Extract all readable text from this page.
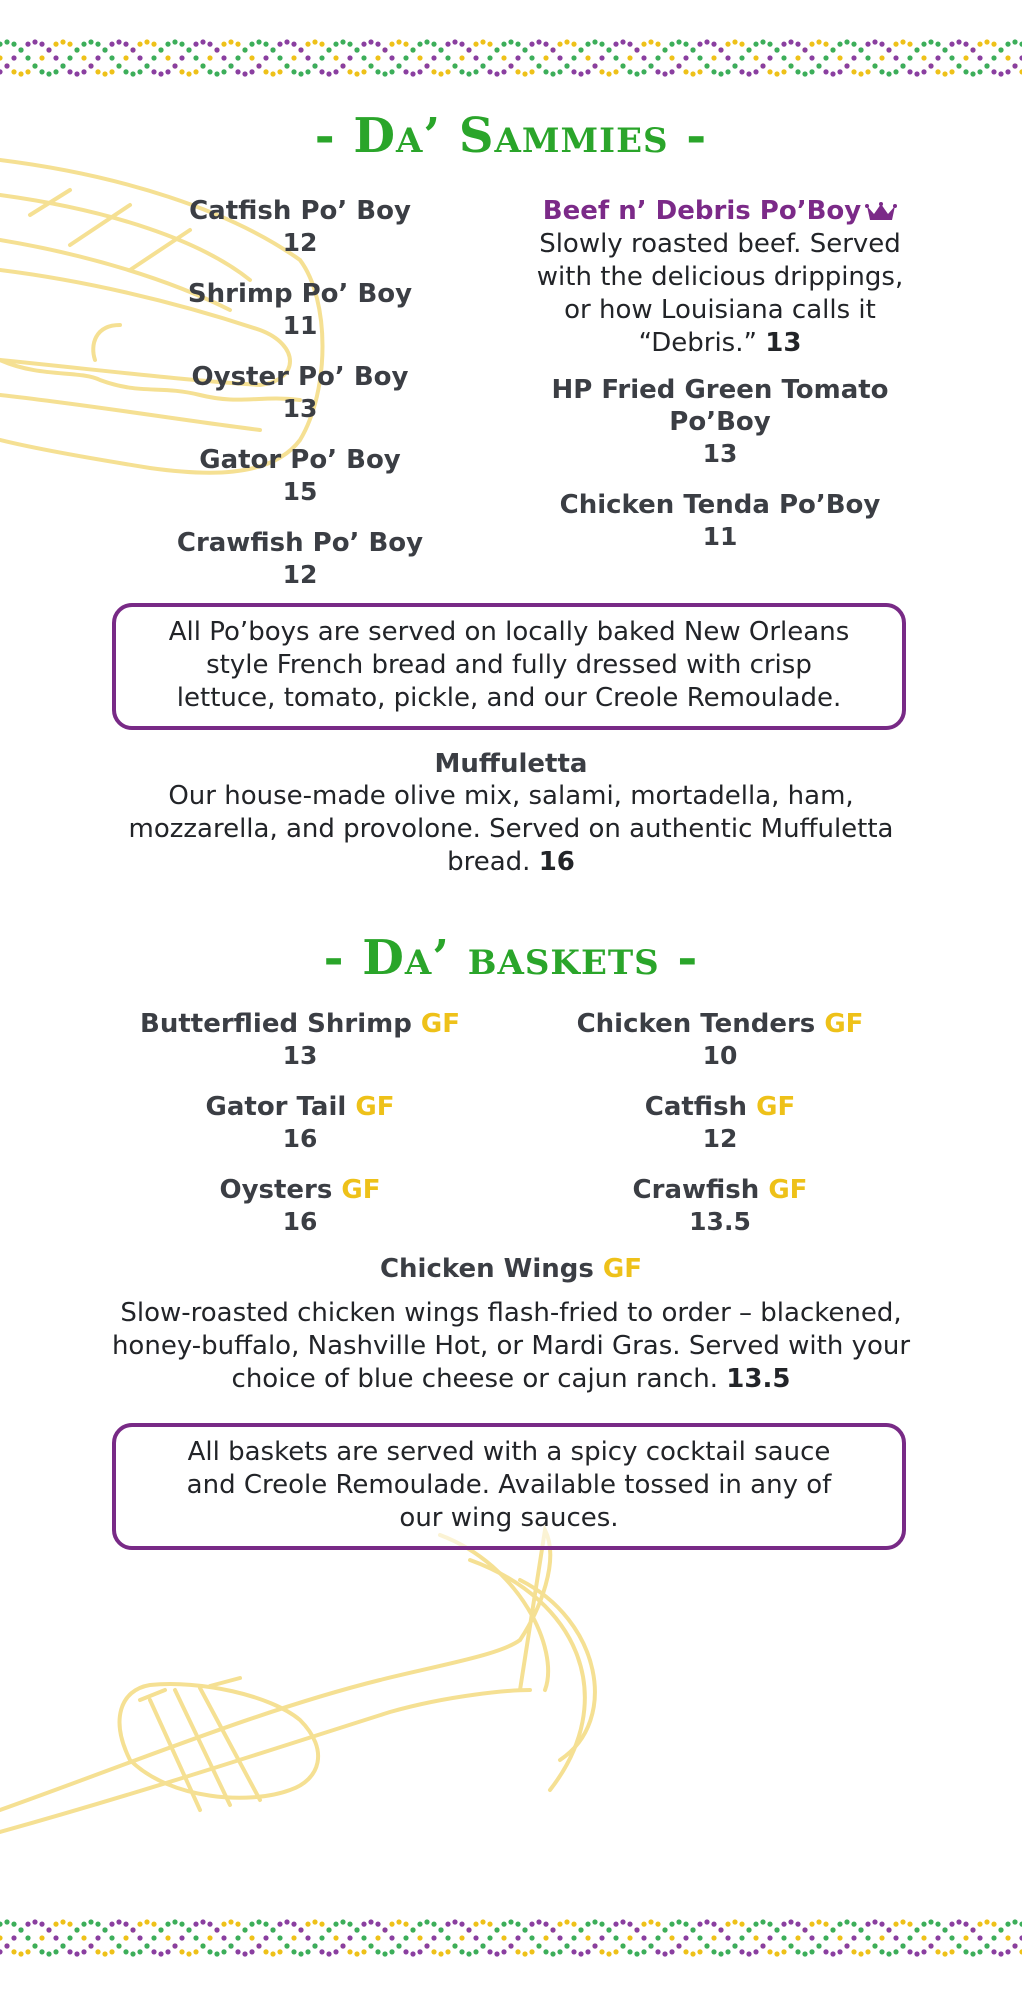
- Da’ Sammies -
Catfish Po’ Boy
12
Shrimp Po’ Boy
11
Oyster Po’ Boy
13
Gator Po’ Boy
15
Crawfish Po’ Boy
12
Beef n’ Debris Po’Boy
Slowly roasted beef. Served with the delicious drippings, or how Louisiana calls it “Debris.” 13
HP Fried Green Tomato Po’Boy
13
Chicken Tenda Po’Boy
11
All Po’boys are served on locally baked New Orleans style French bread and fully dressed with crisp lettuce, tomato, pickle, and our Creole Remoulade.
Muffuletta
Our house-made olive mix, salami, mortadella, ham, mozzarella, and provolone. Served on authentic Muffuletta bread. 16
- Da’ baskets -
Butterflied Shrimp GF
13
Gator Tail GF
16
Oysters GF
16
Chicken Tenders GF
10
Catfish GF
12
Crawfish GF
13.5
Chicken Wings GF
Slow-roasted chicken wings flash-fried to order – blackened, honey-buffalo, Nashville Hot, or Mardi Gras. Served with your choice of blue cheese or cajun ranch. 13.5
All baskets are served with a spicy cocktail sauce and Creole Remoulade. Available tossed in any of our wing sauces.
